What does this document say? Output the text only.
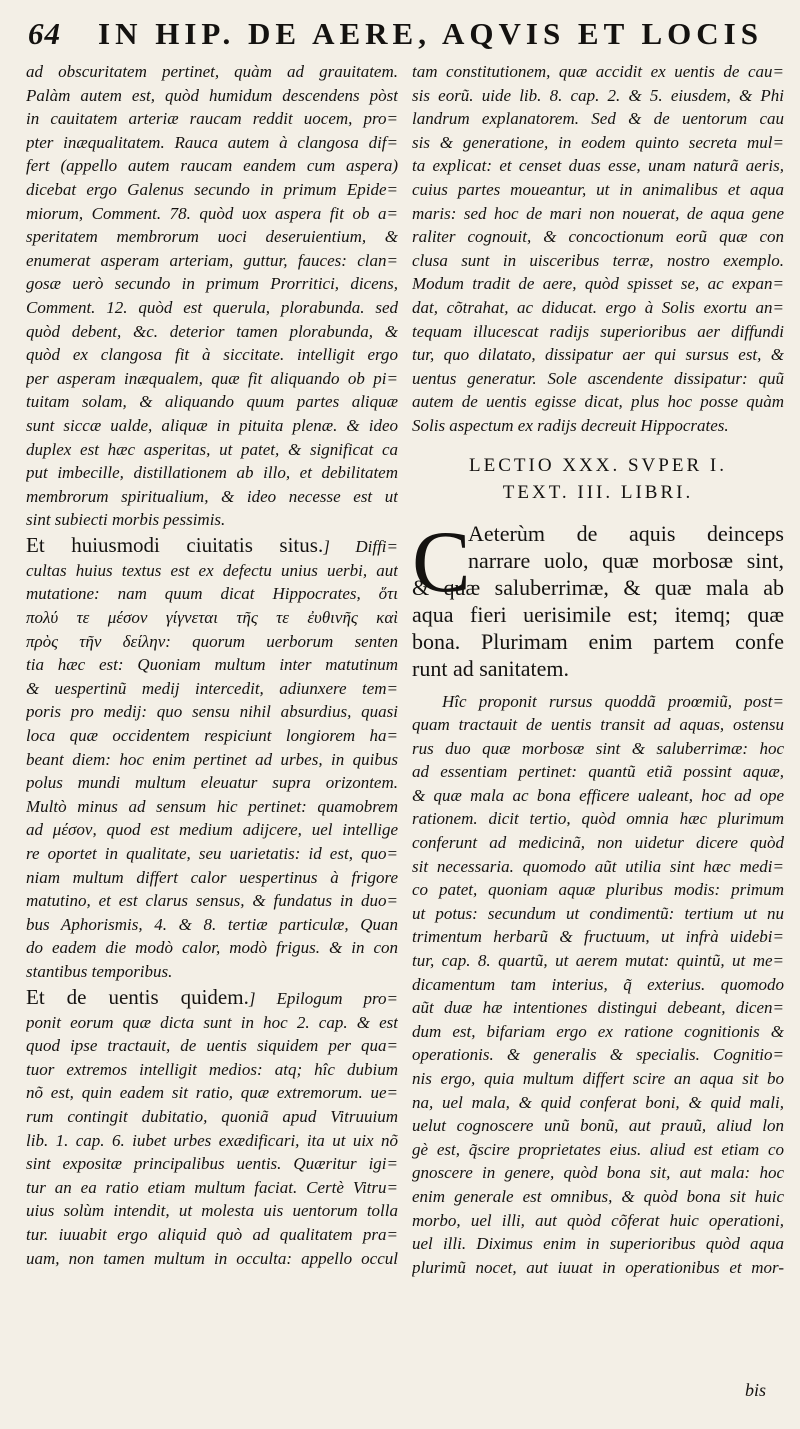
64	IN HIP. DE AERE, AQVIS ET LOCIS
ad obscuritatem pertinet, quàm ad grauitatem.
Palàm autem est, quòd humidum descendens pòst
in cauitatem arteriæ raucam reddit uocem, pro=
pter inæqualitatem. Rauca autem à clangosa dif=
fert (appello autem raucam eandem cum aspera)
dicebat ergo Galenus secundo in primum Epide=
miorum, Comment. 78. quòd uox aspera fit ob a=
speritatem membrorum uoci deseruientium, &
enumerat asperam arteriam, guttur, fauces: clan=
gosæ uerò secundo in primum Prorritici, dicens,
Comment. 12. quòd est querula, plorabunda. sed
quòd debent, &c. deterior tamen plorabunda, &
quòd ex clangosa fit à siccitate. intelligit ergo
per asperam inæqualem, quæ fit aliquando ob pi=
tuitam solam, & aliquando quum partes aliquæ
sunt siccæ ualde, aliquæ in pituita plenæ. & ideo
duplex est hæc asperitas, ut patet, & significat ca
put imbecille, distillationem ab illo, et debilitatem
membrorum spiritualium, & ideo necesse est ut
sint subiecti morbis pessimis.
Et huiusmodi ciuitatis situs.] Diffi=
cultas huius textus est ex defectu unius uerbi, aut
mutatione: nam quum dicat Hippocrates, ὅτι
πολύ τε μέσον γίγνεται τῆς τε ἐυθινῆς καὶ
πρὸς τῆν δείλην: quorum uerborum senten
tia hæc est: Quoniam multum inter matutinum
& uespertinũ medij intercedit, adiunxere tem=
poris pro medij: quo sensu nihil absurdius, quasi
loca quæ occidentem respiciunt longiorem ha=
beant diem: hoc enim pertinet ad urbes, in quibus
polus mundi multum eleuatur supra orizontem.
Multò minus ad sensum hic pertinet: quamobrem
ad μέσον, quod est medium adijcere, uel intellige
re oportet in qualitate, seu uarietatis: id est, quo=
niam multum differt calor uespertinus à frigore
matutino, et est clarus sensus, & fundatus in duo=
bus Aphorismis, 4. & 8. tertiæ particulæ, Quan
do eadem die modò calor, modò frigus. & in con
stantibus temporibus.
Et de uentis quidem.] Epilogum pro=
ponit eorum quæ dicta sunt in hoc 2. cap. & est
quod ipse tractauit, de uentis siquidem per qua=
tuor extremos intelligit medios: atq; hîc dubium
nõ est, quin eadem sit ratio, quæ extremorum. ue=
rum contingit dubitatio, quoniã apud Vitruuium
lib. 1. cap. 6. iubet urbes exædificari, ita ut uix nõ
sint expositæ principalibus uentis. Quæritur igi=
tur an ea ratio etiam multum faciat. Certè Vitru=
uius solùm intendit, ut molesta uis uentorum tolla
tur. iuuabit ergo aliquid quò ad qualitatem pra=
uam, non tamen multum in occulta: appello occul
tam constitutionem, quæ accidit ex uentis de cau=
sis eorũ. uide lib. 8. cap. 2. & 5. eiusdem, & Phi
landrum explanatorem. Sed & de uentorum cau
sis & generatione, in eodem quinto secreta mul=
ta explicat: et censet duas esse, unam naturã aeris,
cuius partes moueantur, ut in animalibus et aqua
maris: sed hoc de mari non nouerat, de aqua gene
raliter cognouit, & concoctionum eorũ quæ con
clusa sunt in uisceribus terræ, nostro exemplo.
Modum tradit de aere, quòd spisset se, ac expan=
dat, cõtrahat, ac diducat. ergo à Solis exortu an=
tequam illucescat radijs superioribus aer diffundi
tur, quo dilatato, dissipatur aer qui sursus est, &
uentus generatur. Sole ascendente dissipatur: quũ
autem de uentis egisse dicat, plus hoc posse quàm
Solis aspectum ex radijs decreuit Hippocrates.
LECTIO XXX. SVPER I.
TEXT. III. LIBRI.
C
Aeterùm de aquis deinceps
narrare uolo, quæ morbosæ sint,
& quæ saluberrimæ, & quæ mala ab
aqua fieri uerisimile est; itemq; quæ
bona. Plurimam enim partem confe
runt ad sanitatem.
Hîc proponit rursus quoddã proœmiũ, post=
quam tractauit de uentis transit ad aquas, ostensu
rus duo quæ morbosæ sint & saluberrimæ: hoc
ad essentiam pertinet: quantũ etiã possint aquæ,
& quæ mala ac bona efficere ualeant, hoc ad ope
rationem. dicit tertio, quòd omnia hæc plurimum
conferunt ad medicinã, non uidetur dicere quòd
sit necessaria. quomodo aũt utilia sint hæc medi=
co patet, quoniam aquæ pluribus modis: primum
ut potus: secundum ut condimentũ: tertium ut nu
trimentum herbarũ & fructuum, ut infrà uidebi=
tur, cap. 8. quartũ, ut aerem mutat: quintũ, ut me=
dicamentum tam interius, q̃ exterius. quomodo
aũt duæ hæ intentiones distingui debeant, dicen=
dum est, bifariam ergo ex ratione cognitionis &
operationis. & generalis & specialis. Cognitio=
nis ergo, quia multum differt scire an aqua sit bo
na, uel mala, & quid conferat boni, & quid mali,
uelut cognoscere unũ bonũ, aut prauũ, aliud lon
gè est, q̃scire proprietates eius. aliud est etiam co
gnoscere in genere, quòd bona sit, aut mala: hoc
enim generale est omnibus, & quòd bona sit huic
morbo, uel illi, aut quòd cõferat huic operationi,
uel illi. Diximus enim in superioribus quòd aqua
plurimũ nocet, aut iuuat in operationibus et mor-
bis
